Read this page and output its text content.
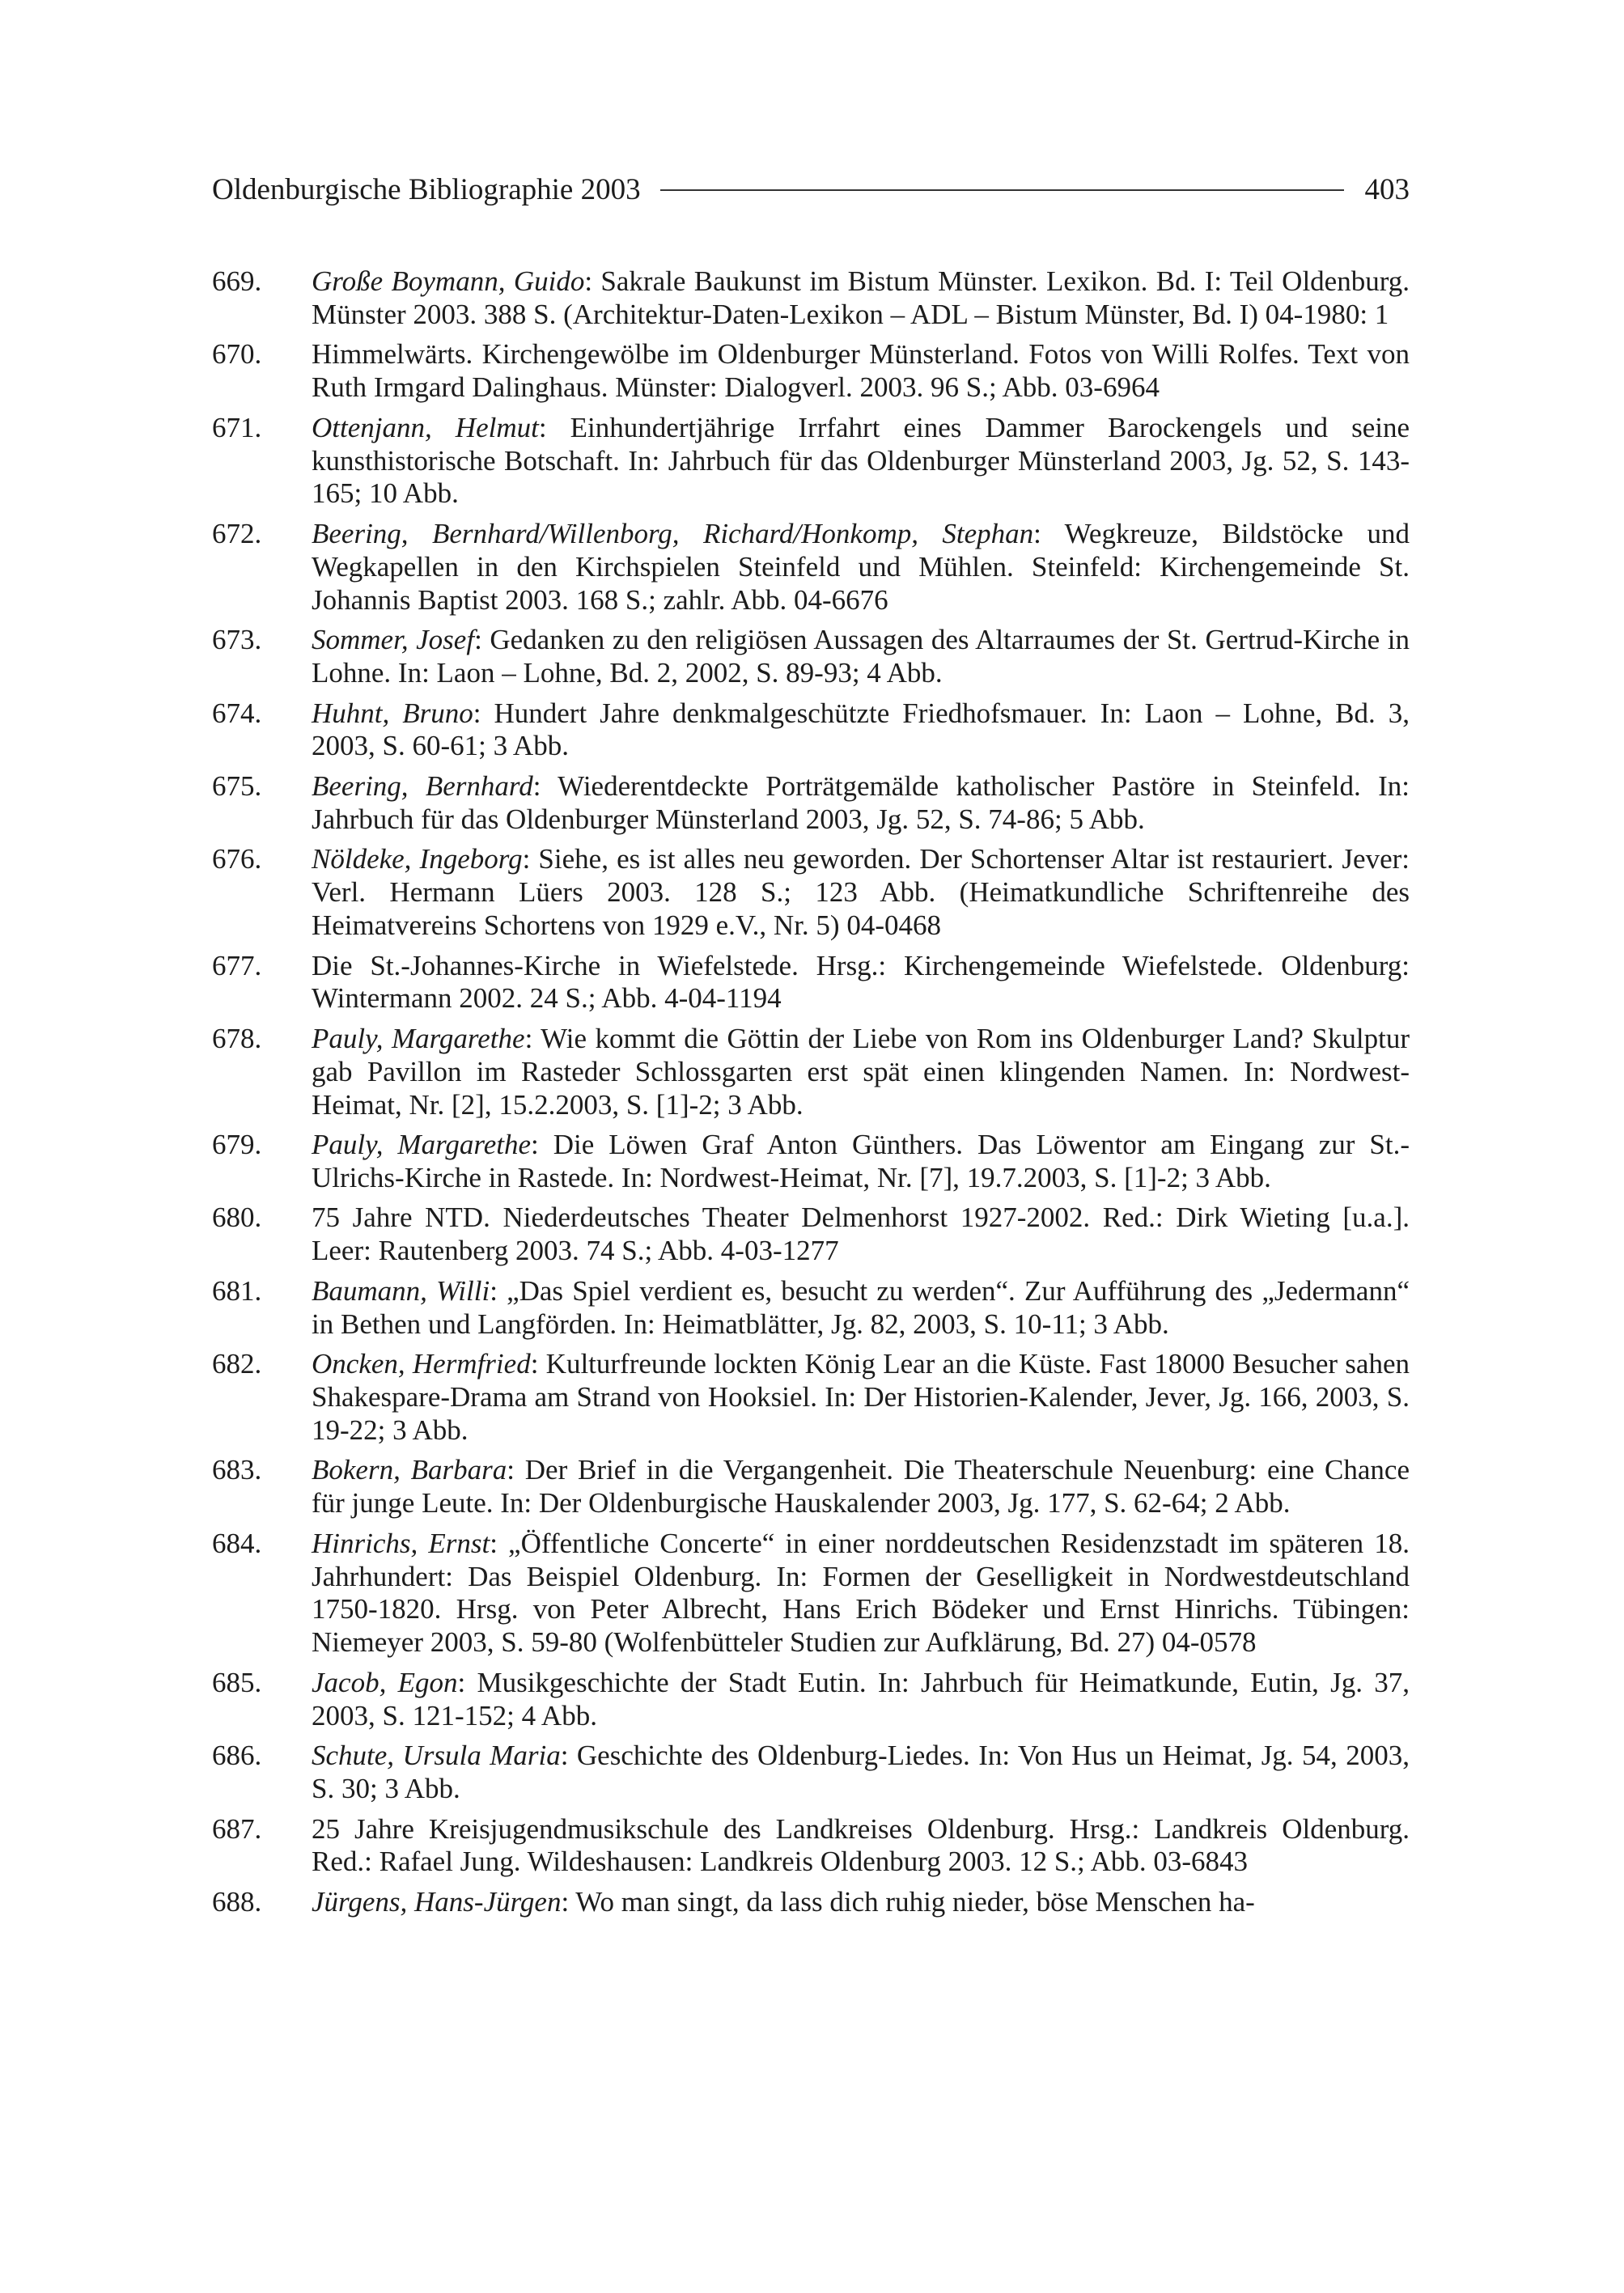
Oldenburgische Bibliographie 2003	403
669.	Große Boymann, Guido: Sakrale Baukunst im Bistum Münster. Lexikon. Bd. I: Teil Oldenburg. Münster 2003. 388 S. (Architektur-Daten-Lexikon – ADL – Bistum Münster, Bd. I) 04-1980: 1
670.	Himmelwärts. Kirchengewölbe im Oldenburger Münsterland. Fotos von Willi Rolfes. Text von Ruth Irmgard Dalinghaus. Münster: Dialogverl. 2003. 96 S.; Abb. 03-6964
671.	Ottenjann, Helmut: Einhundertjährige Irrfahrt eines Dammer Barockengels und seine kunsthistorische Botschaft. In: Jahrbuch für das Oldenburger Münsterland 2003, Jg. 52, S. 143-165; 10 Abb.
672.	Beering, Bernhard/Willenborg, Richard/Honkomp, Stephan: Wegkreuze, Bildstöcke und Wegkapellen in den Kirchspielen Steinfeld und Mühlen. Steinfeld: Kirchengemeinde St. Johannis Baptist 2003. 168 S.; zahlr. Abb. 04-6676
673.	Sommer, Josef: Gedanken zu den religiösen Aussagen des Altarraumes der St. Gertrud-Kirche in Lohne. In: Laon – Lohne, Bd. 2, 2002, S. 89-93; 4 Abb.
674.	Huhnt, Bruno: Hundert Jahre denkmalgeschützte Friedhofsmauer. In: Laon – Lohne, Bd. 3, 2003, S. 60-61; 3 Abb.
675.	Beering, Bernhard: Wiederentdeckte Porträtgemälde katholischer Pastöre in Steinfeld. In: Jahrbuch für das Oldenburger Münsterland 2003, Jg. 52, S. 74-86; 5 Abb.
676.	Nöldeke, Ingeborg: Siehe, es ist alles neu geworden. Der Schortenser Altar ist restauriert. Jever: Verl. Hermann Lüers 2003. 128 S.; 123 Abb. (Heimatkundliche Schriftenreihe des Heimatvereins Schortens von 1929 e.V., Nr. 5) 04-0468
677.	Die St.-Johannes-Kirche in Wiefelstede. Hrsg.: Kirchengemeinde Wiefelstede. Oldenburg: Wintermann 2002. 24 S.; Abb. 4-04-1194
678.	Pauly, Margarethe: Wie kommt die Göttin der Liebe von Rom ins Oldenburger Land? Skulptur gab Pavillon im Rasteder Schlossgarten erst spät einen klingenden Namen. In: Nordwest-Heimat, Nr. [2], 15.2.2003, S. [1]-2; 3 Abb.
679.	Pauly, Margarethe: Die Löwen Graf Anton Günthers. Das Löwentor am Eingang zur St.-Ulrichs-Kirche in Rastede. In: Nordwest-Heimat, Nr. [7], 19.7.2003, S. [1]-2; 3 Abb.
680.	75 Jahre NTD. Niederdeutsches Theater Delmenhorst 1927-2002. Red.: Dirk Wieting [u.a.]. Leer: Rautenberg 2003. 74 S.; Abb. 4-03-1277
681.	Baumann, Willi: „Das Spiel verdient es, besucht zu werden“. Zur Aufführung des „Jedermann“ in Bethen und Langförden. In: Heimatblätter, Jg. 82, 2003, S. 10-11; 3 Abb.
682.	Oncken, Hermfried: Kulturfreunde lockten König Lear an die Küste. Fast 18000 Besucher sahen Shakespare-Drama am Strand von Hooksiel. In: Der Historien-Kalender, Jever, Jg. 166, 2003, S. 19-22; 3 Abb.
683.	Bokern, Barbara: Der Brief in die Vergangenheit. Die Theaterschule Neuenburg: eine Chance für junge Leute. In: Der Oldenburgische Hauskalender 2003, Jg. 177, S. 62-64; 2 Abb.
684.	Hinrichs, Ernst: „Öffentliche Concerte“ in einer norddeutschen Residenzstadt im späteren 18. Jahrhundert: Das Beispiel Oldenburg. In: Formen der Geselligkeit in Nordwestdeutschland 1750-1820. Hrsg. von Peter Albrecht, Hans Erich Bödeker und Ernst Hinrichs. Tübingen: Niemeyer 2003, S. 59-80 (Wolfenbütteler Studien zur Aufklärung, Bd. 27) 04-0578
685.	Jacob, Egon: Musikgeschichte der Stadt Eutin. In: Jahrbuch für Heimatkunde, Eutin, Jg. 37, 2003, S. 121-152; 4 Abb.
686.	Schute, Ursula Maria: Geschichte des Oldenburg-Liedes. In: Von Hus un Heimat, Jg. 54, 2003, S. 30; 3 Abb.
687.	25 Jahre Kreisjugendmusikschule des Landkreises Oldenburg. Hrsg.: Landkreis Oldenburg. Red.: Rafael Jung. Wildeshausen: Landkreis Oldenburg 2003. 12 S.; Abb. 03-6843
688.	Jürgens, Hans-Jürgen: Wo man singt, da lass dich ruhig nieder, böse Menschen ha-
